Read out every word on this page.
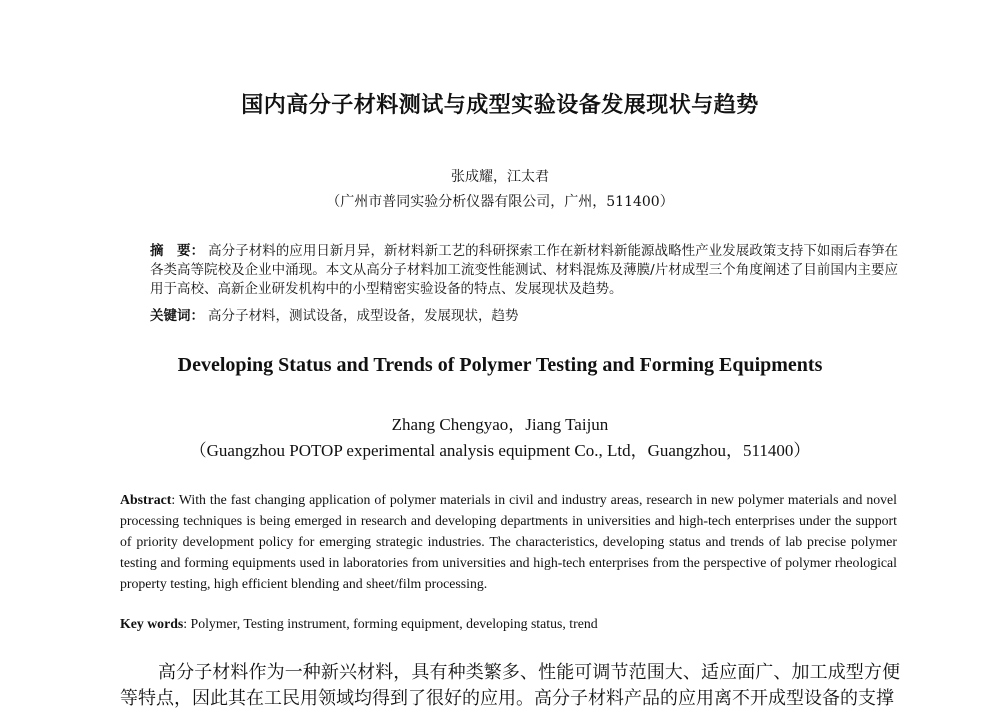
国内高分子材料测试与成型实验设备发展现状与趋势
张成耀，江太君
（广州市普同实验分析仪器有限公司，广州，511400）
摘　要： 高分子材料的应用日新月异，新材料新工艺的科研探索工作在新材料新能源战略性产业发展政策支持下如雨后春笋在各类高等院校及企业中涌现。本文从高分子材料加工流变性能测试、材料混炼及薄膜/片材成型三个角度阐述了目前国内主要应用于高校、高新企业研发机构中的小型精密实验设备的特点、发展现状及趋势。
关键词： 高分子材料，测试设备，成型设备，发展现状，趋势
Developing Status and Trends of Polymer Testing and Forming Equipments
Zhang Chengyao，Jiang Taijun
（Guangzhou POTOP experimental analysis equipment Co., Ltd，Guangzhou，511400）
Abstract: With the fast changing application of polymer materials in civil and industry areas, research in new polymer materials and novel processing techniques is being emerged in research and developing departments in universities and high-tech enterprises under the support of priority development policy for emerging strategic industries. The characteristics, developing status and trends of lab precise polymer testing and forming equipments used in laboratories from universities and high-tech enterprises from the perspective of polymer rheological property testing, high efficient blending and sheet/film processing.
Key words: Polymer, Testing instrument, forming equipment, developing status, trend
高分子材料作为一种新兴材料，具有种类繁多、性能可调节范围大、适应面广、加工成型方便等特点，因此其在工民用领域均得到了很好的应用。高分子材料产品的应用离不开成型设备的支撑
